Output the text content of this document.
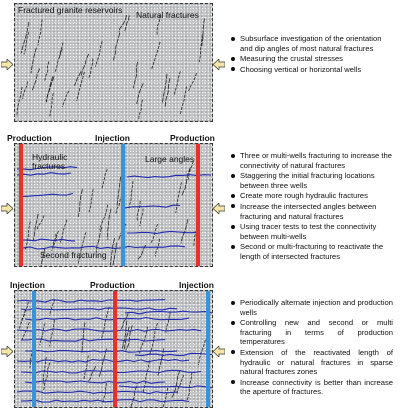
Fractured granite reservoirs Natural fractures
Subsurface investigation of the orientation and dip angles of most natural fractures
Measuring the crustal stresses
Choosing vertical or horizontal wells
Production	Injection	Production
Hydraulic fractures
Large angles
Second fracturing
Three or multi-wells fracturing to increase the connectivity of natural fractures
Staggering the initial fracturing locations between three wells
Create more rough hydraulic fractures
Increase the intersected angles between fracturing and natural fractures
Using tracer tests to test the connectivity between multi-wells
Second or multi-fracturing to reactivate the length of intersected fractures
Injection	Production	Injection
Periodically alternate injection and production wells
Controlling new and second or multi fracturing in terms of production temperatures
Extension of the reactivated length of hydraulic or natural fractures in sparse natural fractures zones
Increase connectivity is better than increase the aperture of fractures.
